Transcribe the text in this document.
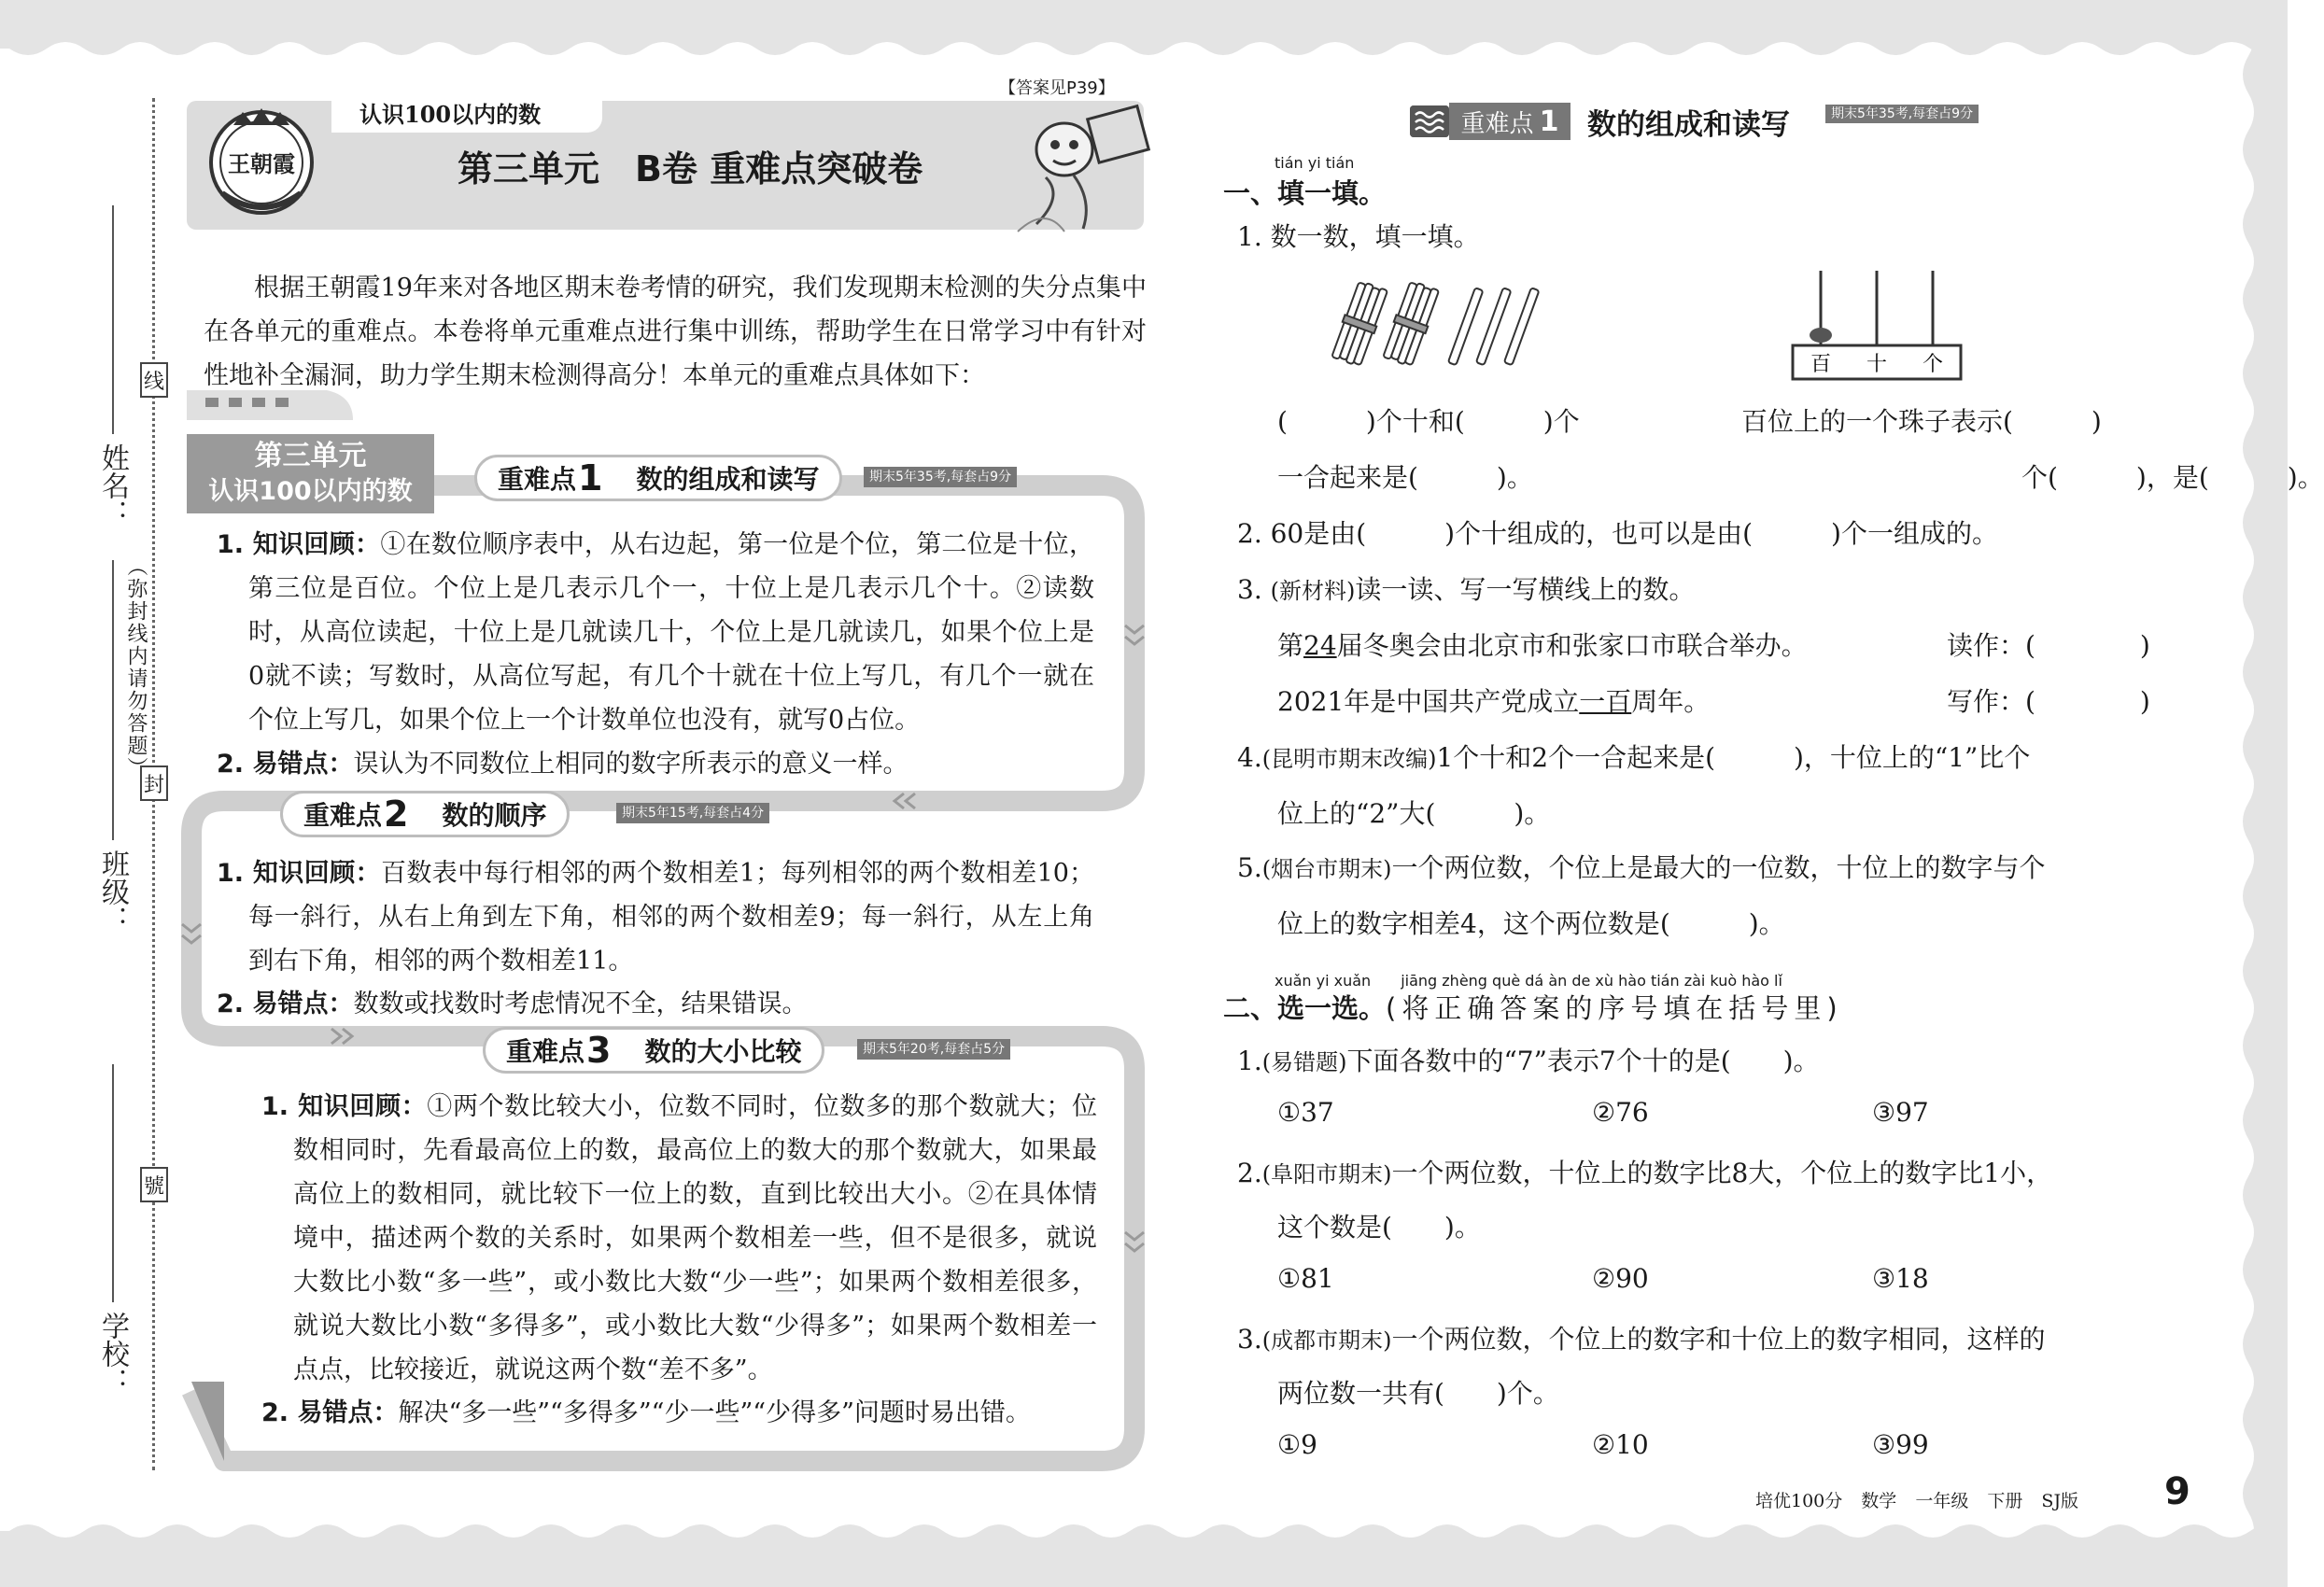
姓名：
班级：
学校：
线
封
號
（弥封线内请勿答题）
认识100以内的数
第三单元　B卷 重难点突破卷
【答案见P39】
王朝霞
根据王朝霞19年来对各地区期末卷考情的研究，我们发现期末检测的失分点集中在各单元的重难点。本卷将单元重难点进行集中训练，帮助学生在日常学习中有针对性地补全漏洞，助力学生期末检测得高分！本单元的重难点具体如下：
第三单元
认识100以内的数	重难点 1 数的组成和读写	期末5年35考,每套占9分
1. 知识回顾：①在数位顺序表中，从右边起，第一位是个位，第二位是十位，第三位是百位。个位上是几表示几个一，十位上是几表示几个十。②读数时，从高位读起，十位上是几就读几十，个位上是几就读几，如果个位上是0就不读；写数时，从高位写起，有几个十就在十位上写几，有几个一就在个位上写几，如果个位上一个计数单位也没有，就写0占位。
2. 易错点：误认为不同数位上相同的数字所表示的意义一样。
重难点 2 数的顺序	期末5年15考,每套占4分
1. 知识回顾：百数表中每行相邻的两个数相差1；每列相邻的两个数相差10；每一斜行，从右上角到左下角，相邻的两个数相差9；每一斜行，从左上角到右下角，相邻的两个数相差11。
2. 易错点：数数或找数时考虑情况不全，结果错误。
重难点 3 数的大小比较	期末5年20考,每套占5分
1. 知识回顾：①两个数比较大小，位数不同时，位数多的那个数就大；位数相同时，先看最高位上的数，最高位上的数大的那个数就大，如果最高位上的数相同，就比较下一位上的数，直到比较出大小。②在具体情境中，描述两个数的关系时，如果两个数相差一些，但不是很多，就说大数比小数“多一些”，或小数比大数“少一些”；如果两个数相差很多，就说大数比小数“多得多”，或小数比大数“少得多”；如果两个数相差一点点，比较接近，就说这两个数“差不多”。
2. 易错点：解决“多一些”“多得多”“少一些”“少得多”问题时易出错。
重难点 1 数的组成和读写	期末5年35考,每套占9分
tián yi tián
一、填一填。
1. 数一数，填一填。
百 十 个
(　　　)个十和(　　　)个
一合起来是(　　　)。
百位上的一个珠子表示(　　　)
个(　　　)，是(　　　)。
2. 60是由(　　　)个十组成的，也可以是由(　　　)个一组成的。
3. (新材料)读一读、写一写横线上的数。
第24届冬奥会由北京市和张家口市联合举办。	读作：(　　　　)
2021年是中国共产党成立一百周年。	写作：(　　　　)
4.(昆明市期末改编)1个十和2个一合起来是(　　　)，十位上的“1”比个
位上的“2”大(　　　)。
5.(烟台市期末)一个两位数，个位上是最大的一位数，十位上的数字与个
位上的数字相差4，这个两位数是(　　　)。
xuǎn yi xuǎn　　jiāng zhèng què dá àn de xù hào tián zài kuò hào lǐ
二、选一选。(将正确答案的序号填在括号里)
1.(易错题)下面各数中的“7”表示7个十的是(　　)。
①37	②76	③97
2.(阜阳市期末)一个两位数，十位上的数字比8大，个位上的数字比1小，
这个数是(　　)。
①81	②90	③18
3.(成都市期末)一个两位数，个位上的数字和十位上的数字相同，这样的
两位数一共有(　　)个。
①9	②10	③99
培优100分 数学 一年级 下册 SJ版 9
